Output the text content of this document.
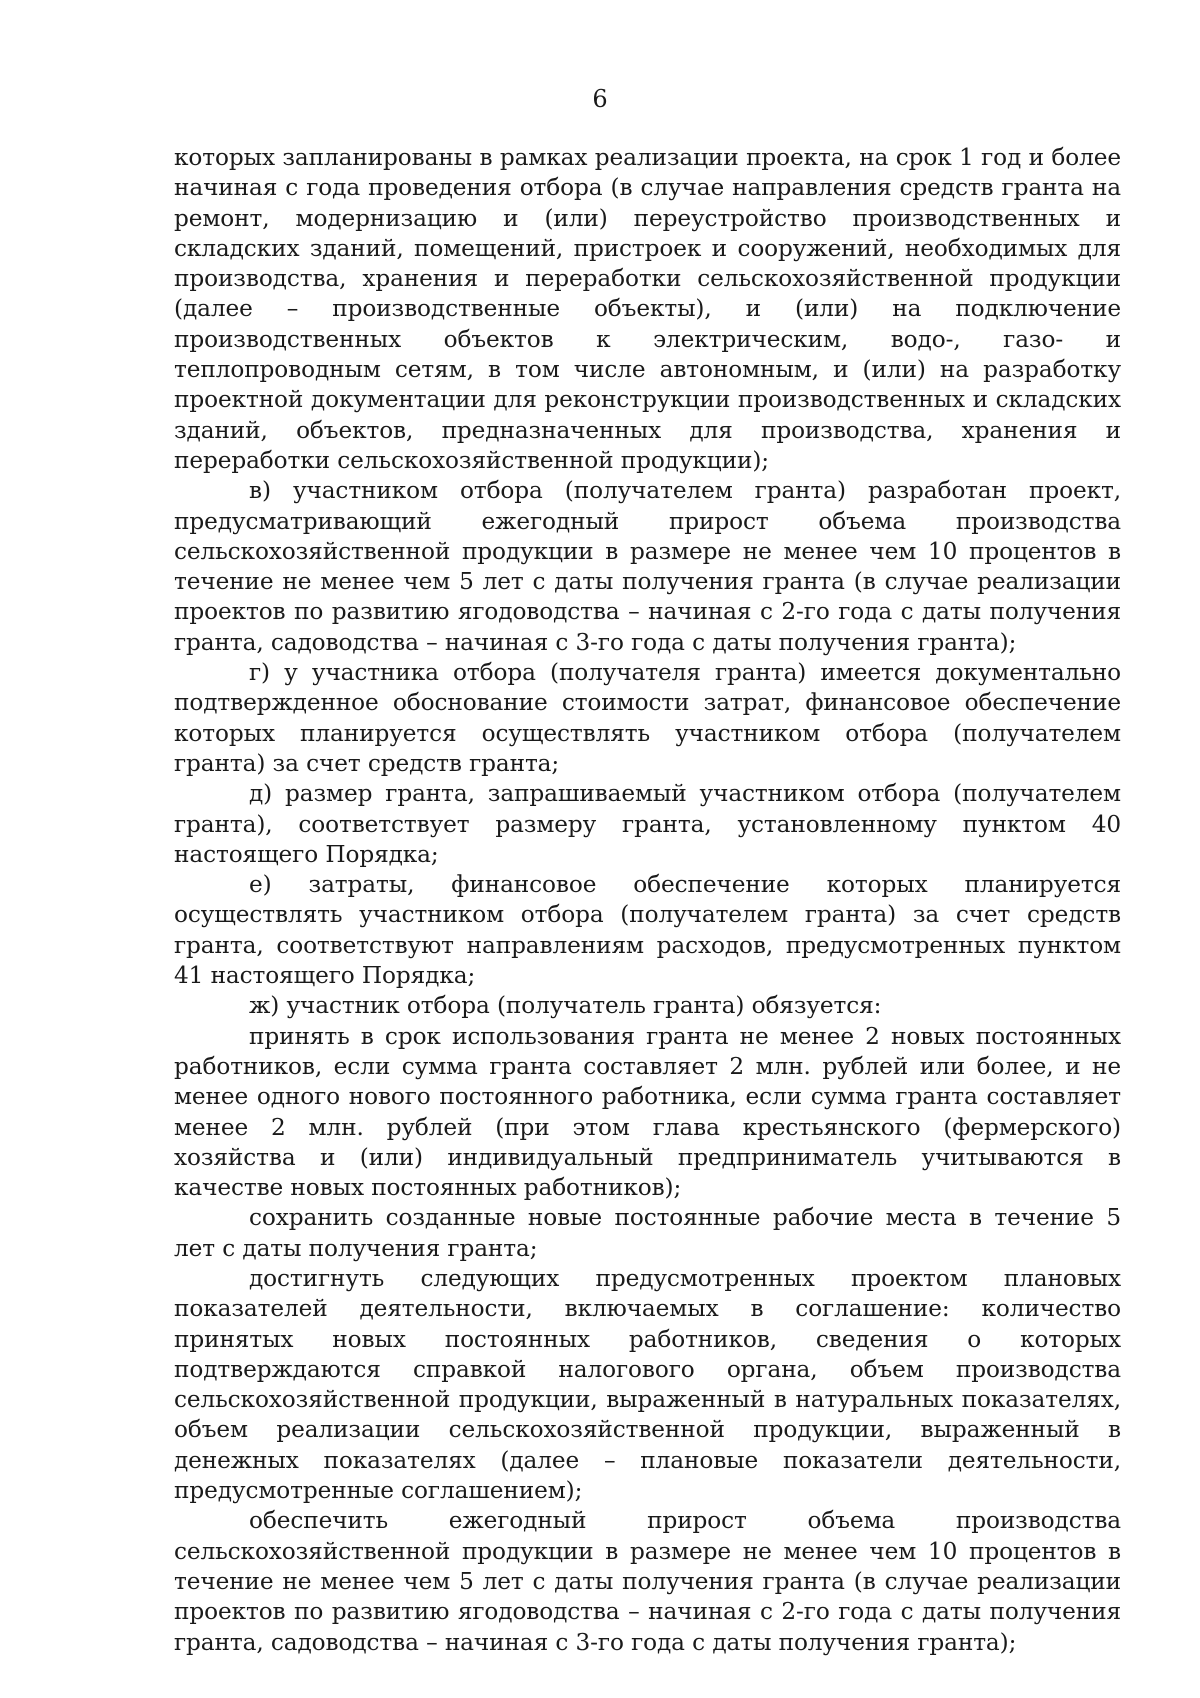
6

которых запланированы в рамках реализации проекта, на срок 1 год и более начиная с года проведения отбора (в случае направления средств гранта на ремонт, модернизацию и (или) переустройство производственных и складских зданий, помещений, пристроек и сооружений, необходимых для производства, хранения и переработки сельскохозяйственной продукции (далее – производственные объекты), и (или) на подключение производственных объектов к электрическим, водо-, газо- и теплопроводным сетям, в том числе автономным, и (или) на разработку проектной документации для реконструкции производственных и складских зданий, объектов, предназначенных для производства, хранения и переработки сельскохозяйственной продукции);

в) участником отбора (получателем гранта) разработан проект, предусматривающий ежегодный прирост объема производства сельскохозяйственной продукции в размере не менее чем 10 процентов в течение не менее чем 5 лет с даты получения гранта (в случае реализации проектов по развитию ягодоводства – начиная с 2-го года с даты получения гранта, садоводства – начиная с 3-го года с даты получения гранта);

г) у участника отбора (получателя гранта) имеется документально подтвержденное обоснование стоимости затрат, финансовое обеспечение которых планируется осуществлять участником отбора (получателем гранта) за счет средств гранта;

д) размер гранта, запрашиваемый участником отбора (получателем гранта), соответствует размеру гранта, установленному пунктом 40 настоящего Порядка;

е) затраты, финансовое обеспечение которых планируется осуществлять участником отбора (получателем гранта) за счет средств гранта, соответствуют направлениям расходов, предусмотренных пунктом 41 настоящего Порядка;

ж) участник отбора (получатель гранта) обязуется:

принять в срок использования гранта не менее 2 новых постоянных работников, если сумма гранта составляет 2 млн. рублей или более, и не менее одного нового постоянного работника, если сумма гранта составляет менее 2 млн. рублей (при этом глава крестьянского (фермерского) хозяйства и (или) индивидуальный предприниматель учитываются в качестве новых постоянных работников);

сохранить созданные новые постоянные рабочие места в течение 5 лет с даты получения гранта;

достигнуть следующих предусмотренных проектом плановых показателей деятельности, включаемых в соглашение: количество принятых новых постоянных работников, сведения о которых подтверждаются справкой налогового органа, объем производства сельскохозяйственной продукции, выраженный в натуральных показателях, объем реализации сельскохозяйственной продукции, выраженный в денежных показателях (далее – плановые показатели деятельности, предусмотренные соглашением);

обеспечить ежегодный прирост объема производства сельскохозяйственной продукции в размере не менее чем 10 процентов в течение не менее чем 5 лет с даты получения гранта (в случае реализации проектов по развитию ягодоводства – начиная с 2-го года с даты получения гранта, садоводства – начиная с 3-го года с даты получения гранта);
